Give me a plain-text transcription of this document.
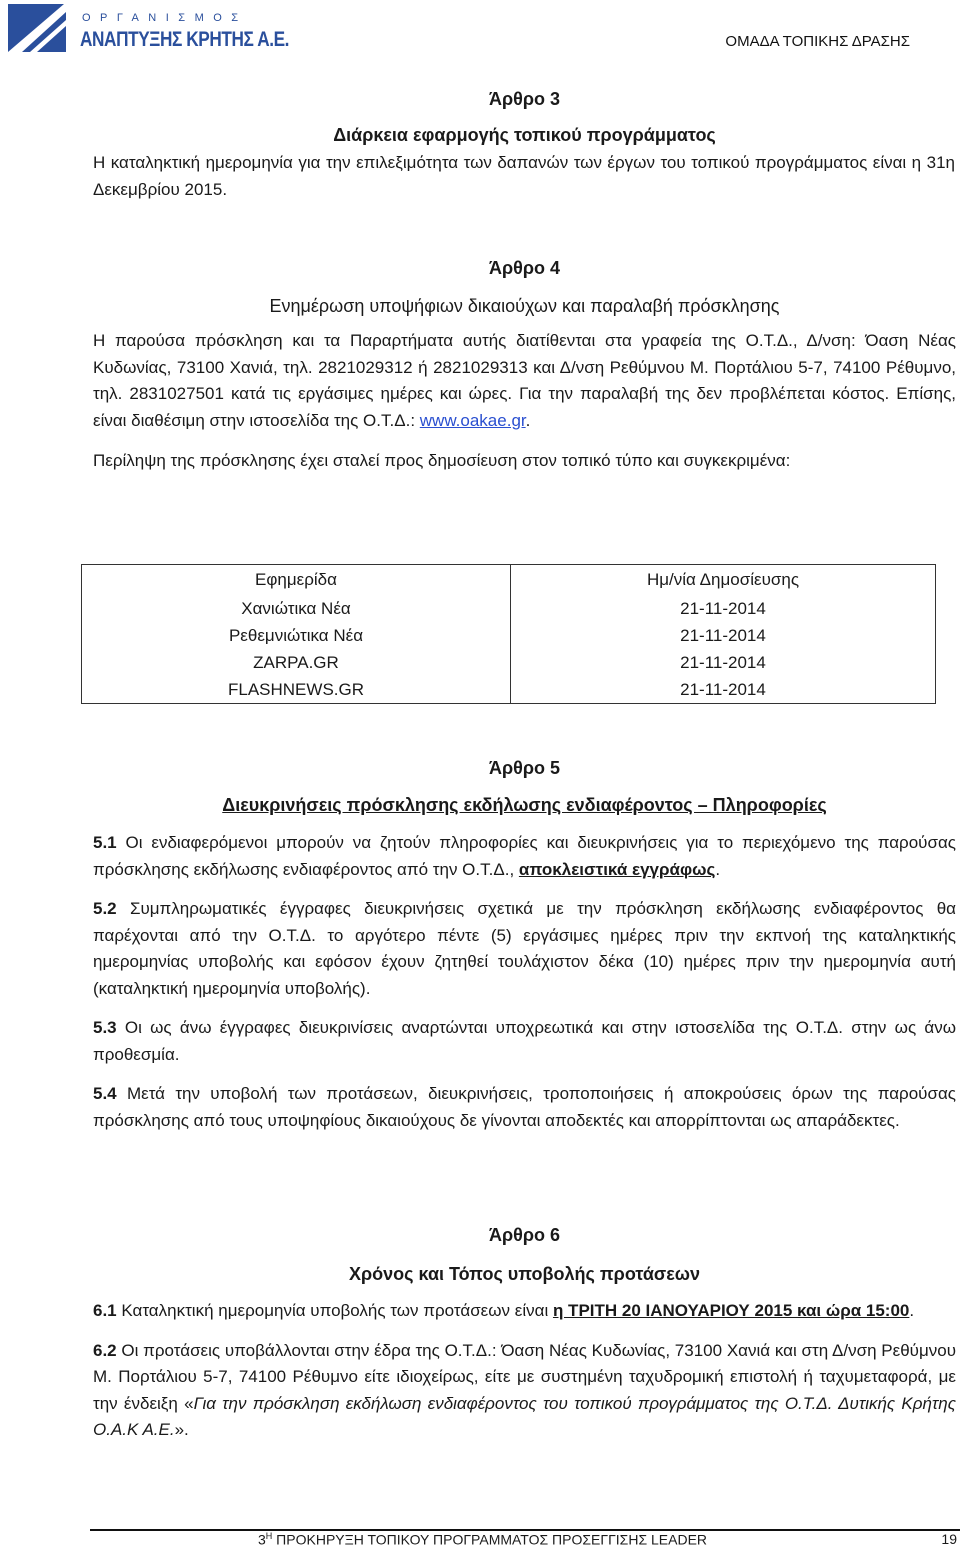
ΟΡΓΑΝΙΣΜΟΣ
ΑΝΑΠΤΥΞΗΣ ΚΡΗΤΗΣ Α.Ε.	ΟΜΑΔΑ ΤΟΠΙΚΗΣ ΔΡΑΣΗΣ

Άρθρο 3

Διάρκεια εφαρμογής τοπικού προγράμματος

Η καταληκτική ημερομηνία για την επιλεξιμότητα των δαπανών των έργων του τοπικού προγράμματος είναι η 31η Δεκεμβρίου 2015.

Άρθρο 4

Ενημέρωση υποψήφιων δικαιούχων και παραλαβή πρόσκλησης

Η παρούσα πρόσκληση και τα Παραρτήματα αυτής διατίθενται στα γραφεία της Ο.Τ.Δ., Δ/νση: Όαση Νέας Κυδωνίας, 73100 Χανιά, τηλ. 2821029312 ή 2821029313 και Δ/νση Ρεθύμνου Μ. Πορτάλιου 5-7, 74100 Ρέθυμνο, τηλ. 2831027501 κατά τις εργάσιμες ημέρες και ώρες. Για την παραλαβή της δεν προβλέπεται κόστος. Επίσης, είναι διαθέσιμη στην ιστοσελίδα της Ο.Τ.Δ.: www.oakae.gr.

Περίληψη της πρόσκλησης έχει σταλεί προς δημοσίευση στον τοπικό τύπο και συγκεκριμένα:

Εφημερίδα	Ημ/νία Δημοσίευσης
Χανιώτικα Νέα	21-11-2014
Ρεθεμνιώτικα Νέα	21-11-2014
ZARPA.GR	21-11-2014
FLASHNEWS.GR	21-11-2014

Άρθρο 5

Διευκρινήσεις πρόσκλησης εκδήλωσης ενδιαφέροντος – Πληροφορίες

5.1 Οι ενδιαφερόμενοι μπορούν να ζητούν πληροφορίες και διευκρινήσεις για το περιεχόμενο της παρούσας πρόσκλησης εκδήλωσης ενδιαφέροντος από την Ο.Τ.Δ., αποκλειστικά εγγράφως.

5.2 Συμπληρωματικές έγγραφες διευκρινήσεις σχετικά με την πρόσκληση εκδήλωσης ενδιαφέροντος θα παρέχονται από την Ο.Τ.Δ. το αργότερο πέντε (5) εργάσιμες ημέρες πριν την εκπνοή της καταληκτικής ημερομηνίας υποβολής και εφόσον έχουν ζητηθεί τουλάχιστον δέκα (10) ημέρες πριν την ημερομηνία αυτή (καταληκτική ημερομηνία υποβολής).

5.3 Οι ως άνω έγγραφες διευκρινίσεις αναρτώνται υποχρεωτικά και στην ιστοσελίδα της Ο.Τ.Δ. στην ως άνω προθεσμία.

5.4 Μετά την υποβολή των προτάσεων, διευκρινήσεις, τροποποιήσεις ή αποκρούσεις όρων της παρούσας πρόσκλησης από τους υποψηφίους δικαιούχους δε γίνονται αποδεκτές και απορρίπτονται ως απαράδεκτες.

Άρθρο 6

Χρόνος και Τόπος υποβολής προτάσεων

6.1 Καταληκτική ημερομηνία υποβολής των προτάσεων είναι η ΤΡΙΤΗ 20 ΙΑΝΟΥΑΡΙΟΥ 2015 και ώρα 15:00.

6.2 Οι προτάσεις υποβάλλονται στην έδρα της Ο.Τ.Δ.: Όαση Νέας Κυδωνίας, 73100 Χανιά και στη Δ/νση Ρεθύμνου Μ. Πορτάλιου 5-7, 74100 Ρέθυμνο είτε ιδιοχείρως, είτε με συστημένη ταχυδρομική επιστολή ή ταχυμεταφορά, με την ένδειξη «Για την πρόσκληση εκδήλωση ενδιαφέροντος του τοπικού προγράμματος της Ο.Τ.Δ. Δυτικής Κρήτης Ο.Α.Κ Α.Ε.».

$3^H$ ΠΡΟΚΗΡΥΞΗ ΤΟΠΙΚΟΥ ΠΡΟΓΡΑΜΜΑΤΟΣ ΠΡΟΣΕΓΓΙΣΗΣ LEADER	19
